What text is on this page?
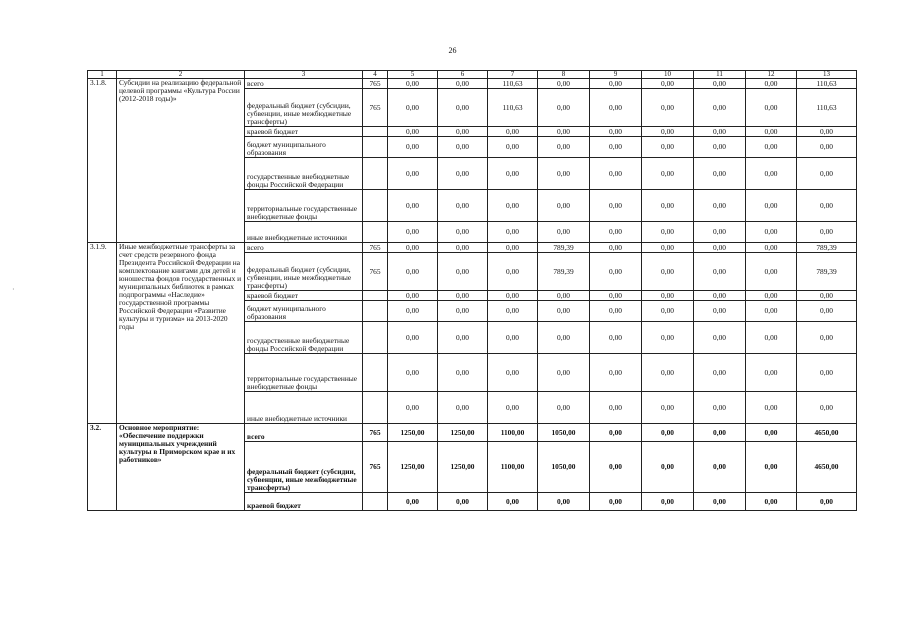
26
1	2	3	4	5	6	7	8	9	10	11	12	13
3.1.8.	Субсидии на реализацию федеральной целевой программы «Культура России (2012-2018 годы)»	всего	765	0,00	0,00	110,63	0,00	0,00	0,00	0,00	0,00	110,63
		федеральный бюджет (субсидии, субвенции, иные межбюджетные трансферты)	765	0,00	0,00	110,63	0,00	0,00	0,00	0,00	0,00	110,63
		краевой бюджет		0,00	0,00	0,00	0,00	0,00	0,00	0,00	0,00	0,00
		бюджет муниципального образования		0,00	0,00	0,00	0,00	0,00	0,00	0,00	0,00	0,00
		государственные внебюджетные фонды Российской Федерации		0,00	0,00	0,00	0,00	0,00	0,00	0,00	0,00	0,00
		территориальные государственные внебюджетные фонды		0,00	0,00	0,00	0,00	0,00	0,00	0,00	0,00	0,00
		иные внебюджетные источники		0,00	0,00	0,00	0,00	0,00	0,00	0,00	0,00	0,00
3.1.9.	Иные межбюджетные трансферты за счет средств резервного фонда Президента Российской Федерации на комплектование книгами для детей и юношества фондов государственных и муниципальных библиотек в рамках подпрограммы «Наследие» государственной программы Российской Федерации «Развитие культуры и туризма» на 2013-2020 годы	всего	765	0,00	0,00	0,00	789,39	0,00	0,00	0,00	0,00	789,39
		федеральный бюджет (субсидии, субвенции, иные межбюджетные трансферты)	765	0,00	0,00	0,00	789,39	0,00	0,00	0,00	0,00	789,39
		краевой бюджет		0,00	0,00	0,00	0,00	0,00	0,00	0,00	0,00	0,00
		бюджет муниципального образования		0,00	0,00	0,00	0,00	0,00	0,00	0,00	0,00	0,00
		государственные внебюджетные фонды Российской Федерации		0,00	0,00	0,00	0,00	0,00	0,00	0,00	0,00	0,00
		территориальные государственные внебюджетные фонды		0,00	0,00	0,00	0,00	0,00	0,00	0,00	0,00	0,00
		иные внебюджетные источники		0,00	0,00	0,00	0,00	0,00	0,00	0,00	0,00	0,00
3.2.	Основное мероприятие: «Обеспечение поддержки муниципальных учреждений культуры в Приморском крае и их работников»	всего	765	1250,00	1250,00	1100,00	1050,00	0,00	0,00	0,00	0,00	4650,00
		федеральный бюджет (субсидии, субвенции, иные межбюджетные трансферты)	765	1250,00	1250,00	1100,00	1050,00	0,00	0,00	0,00	0,00	4650,00
		краевой бюджет		0,00	0,00	0,00	0,00	0,00	0,00	0,00	0,00	0,00
·
